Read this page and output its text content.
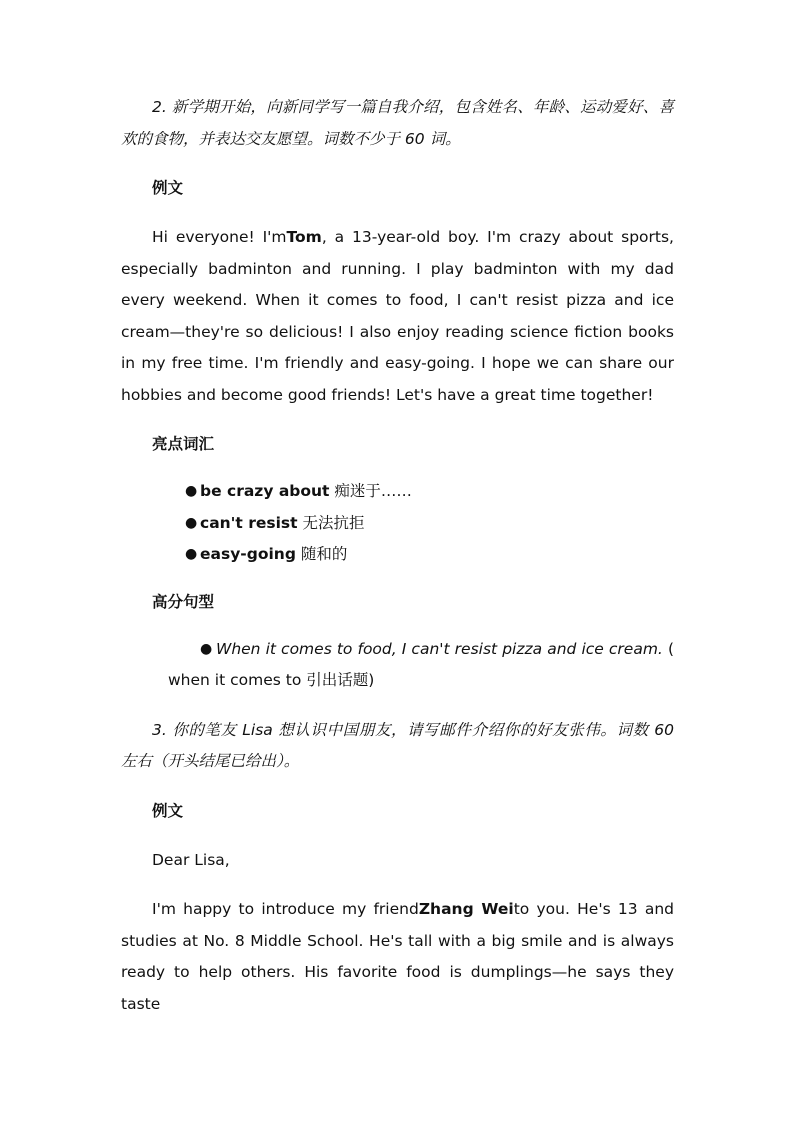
2. 新学期开始，向新同学写一篇自我介绍，包含姓名、年龄、运动爱好、喜欢的食物，并表达交友愿望。词数不少于 60 词。

例文

Hi everyone! I'mTom, a 13-year-old boy. I'm crazy about sports, especially badminton and running. I play badminton with my dad every weekend. When it comes to food, I can't resist pizza and ice cream—they're so delicious! I also enjoy reading science fiction books in my free time. I'm friendly and easy-going. I hope we can share our hobbies and become good friends! Let's have a great time together!

亮点词汇

● be crazy about 痴迷于……
● can't resist 无法抗拒
● easy-going 随和的

高分句型

● When it comes to food, I can't resist pizza and ice cream. (
when it comes to 引出话题)

3. 你的笔友 Lisa 想认识中国朋友，请写邮件介绍你的好友张伟。词数 60 左右（开头结尾已给出）。

例文

Dear Lisa,

I'm happy to introduce my friendZhang Weito you. He's 13 and studies at No. 8 Middle School. He's tall with a big smile and is always ready to help others. His favorite food is dumplings—he says they taste
